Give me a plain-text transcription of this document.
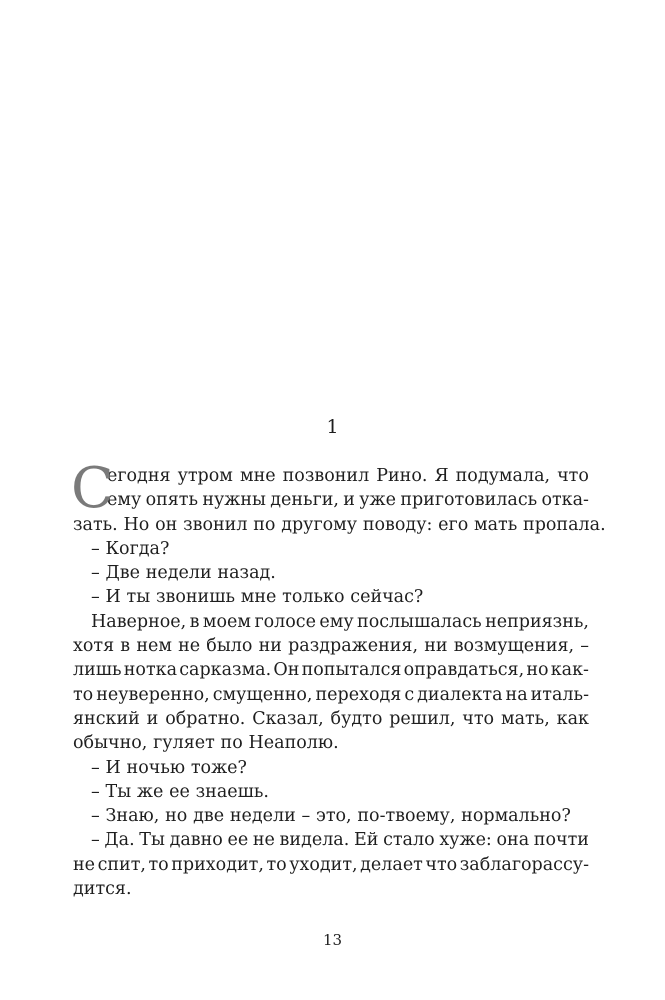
1
С
егодня утром мне позвонил Рино. Я подумала, что
ему опять нужны деньги, и уже приготовилась отка-
зать. Но он звонил по другому поводу: его мать пропала.
– Когда?
– Две недели назад.
– И ты звонишь мне только сейчас?
Наверное, в моем голосе ему послышалась неприязнь,
хотя в нем не было ни раздражения, ни возмущения, –
лишь нотка сарказма. Он попытался оправдаться, но как-
то неуверенно, смущенно, переходя с диалекта на италь-
янский и обратно. Сказал, будто решил, что мать, как
обычно, гуляет по Неаполю.
– И ночью тоже?
– Ты же ее знаешь.
– Знаю, но две недели – это, по-твоему, нормально?
– Да. Ты давно ее не видела. Ей стало хуже: она почти
не спит, то приходит, то уходит, делает что заблагорассу-
дится.
13
